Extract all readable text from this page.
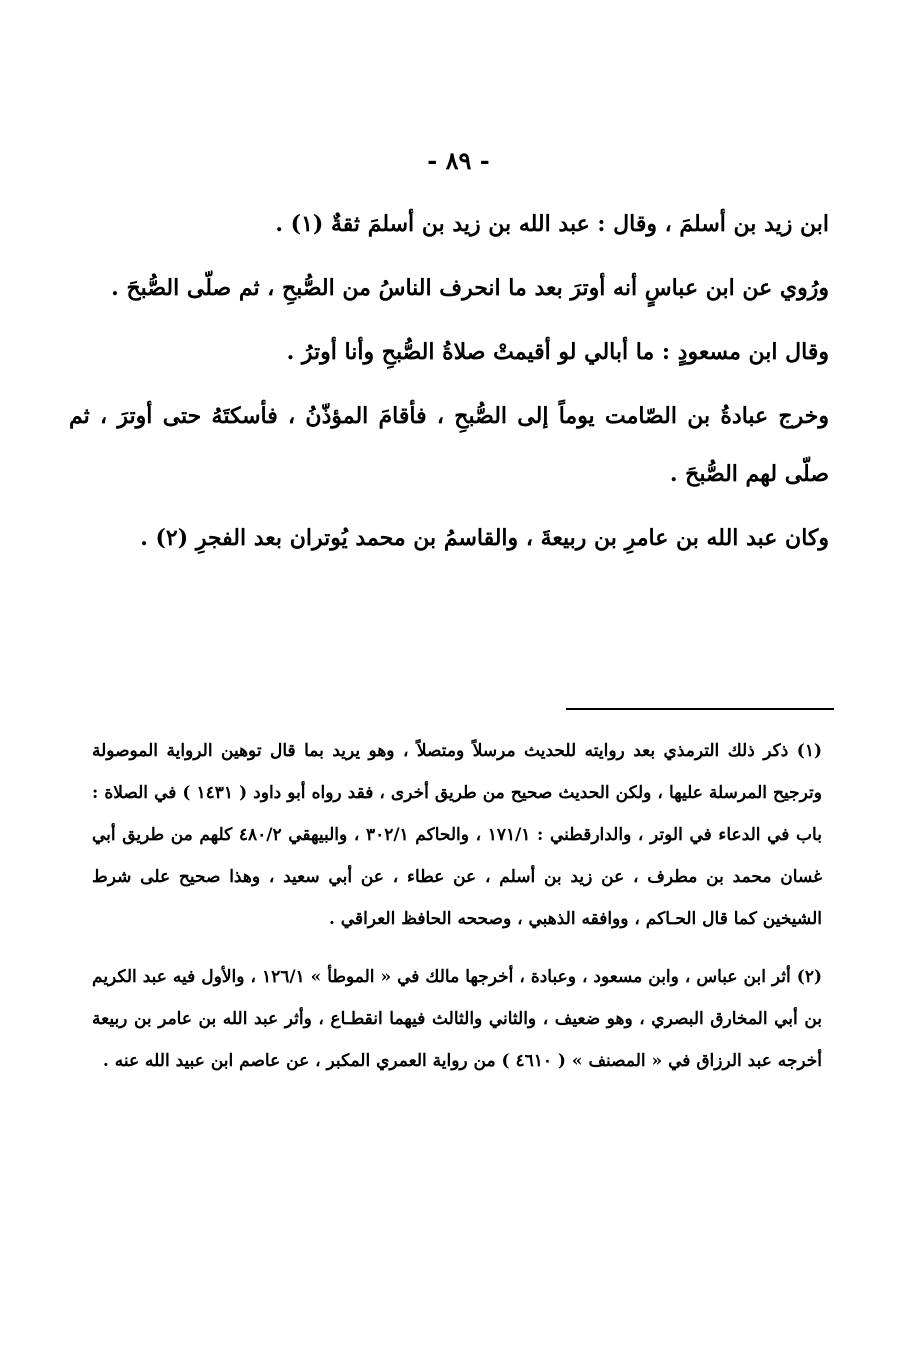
- ٨٩ -

ابن زيد بن أسلمَ ، وقال : عبد الله بن زيد بن أسلمَ ثقةٌ (١) .

ورُوي عن ابن عباسٍ أنه أوترَ بعد ما انحرف الناسُ من الصُّبحِ ، ثم صلّى الصُّبحَ .

وقال ابن مسعودٍ : ما أبالي لو أقيمتْ صلاةُ الصُّبحِ وأنا أوترُ .

وخرج عبادةُ بن الصّامت يوماً إلى الصُّبحِ ، فأقامَ المؤذّنُ ، فأسكتَهُ حتى أوترَ ، ثم صلّى لهم الصُّبحَ .

وكان عبد الله بن عامرِ بن ربيعةَ ، والقاسمُ بن محمد يُوتران بعد الفجرِ (٢) .

(١) ذكر ذلك الترمذي بعد روايته للحديث مرسلاً ومتصلاً ، وهو يريد بما قال توهين الرواية الموصولة وترجيح المرسلة عليها ، ولكن الحديث صحيح من طريق أخرى ، فقد رواه أبو داود ( ١٤٣١ ) في الصلاة : باب في الدعاء في الوتر ، والدارقطني : ١٧١/١ ، والحاكم ٣٠٢/١ ، والبيهقي ٤٨٠/٢ كلهم من طريق أبي غسان محمد بن مطرف ، عن زيد بن أسلم ، عن عطاء ، عن أبي سعيد ، وهذا صحيح على شرط الشيخين كما قال الحـاكم ، ووافقه الذهبي ، وصححه الحافظ العراقي .

(٢) أثر ابن عباس ، وابن مسعود ، وعبادة ، أخرجها مالك في « الموطأ » ١٢٦/١ ، والأول فيه عبد الكريم بن أبي المخارق البصري ، وهو ضعيف ، والثاني والثالث فيهما انقطـاع ، وأثر عبد الله بن عامر بن ربيعة أخرجه عبد الرزاق في « المصنف » ( ٤٦١٠ ) من رواية العمري المكبر ، عن عاصم ابن عبيد الله عنه .
